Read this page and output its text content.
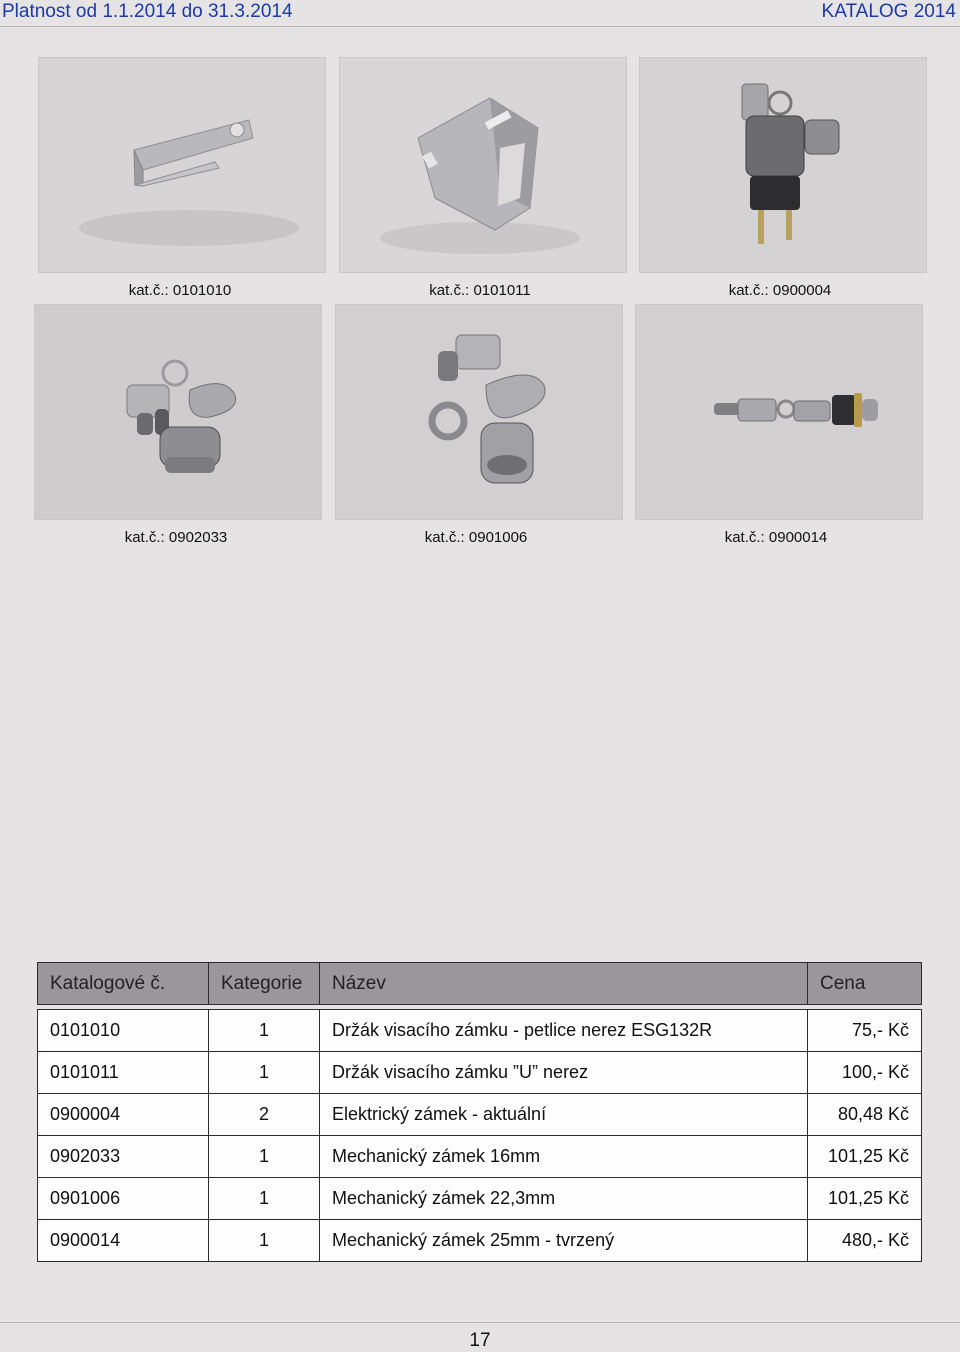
Platnost od 1.1.2014 do 31.3.2014	KATALOG 2014
kat.č.: 0101010	kat.č.: 0101011	kat.č.: 0900004
kat.č.: 0902033	kat.č.: 0901006	kat.č.: 0900014
Katalogové č.	Kategorie	Název	Cena

0101010	1	Držák visacího zámku - petlice nerez ESG132R	75,- Kč
0101011	1	Držák visacího zámku ”U” nerez	100,- Kč
0900004	2	Elektrický zámek - aktuální	80,48 Kč
0902033	1	Mechanický zámek 16mm	101,25 Kč
0901006	1	Mechanický zámek 22,3mm	101,25 Kč
0900014	1	Mechanický zámek 25mm - tvrzený	480,- Kč
17
